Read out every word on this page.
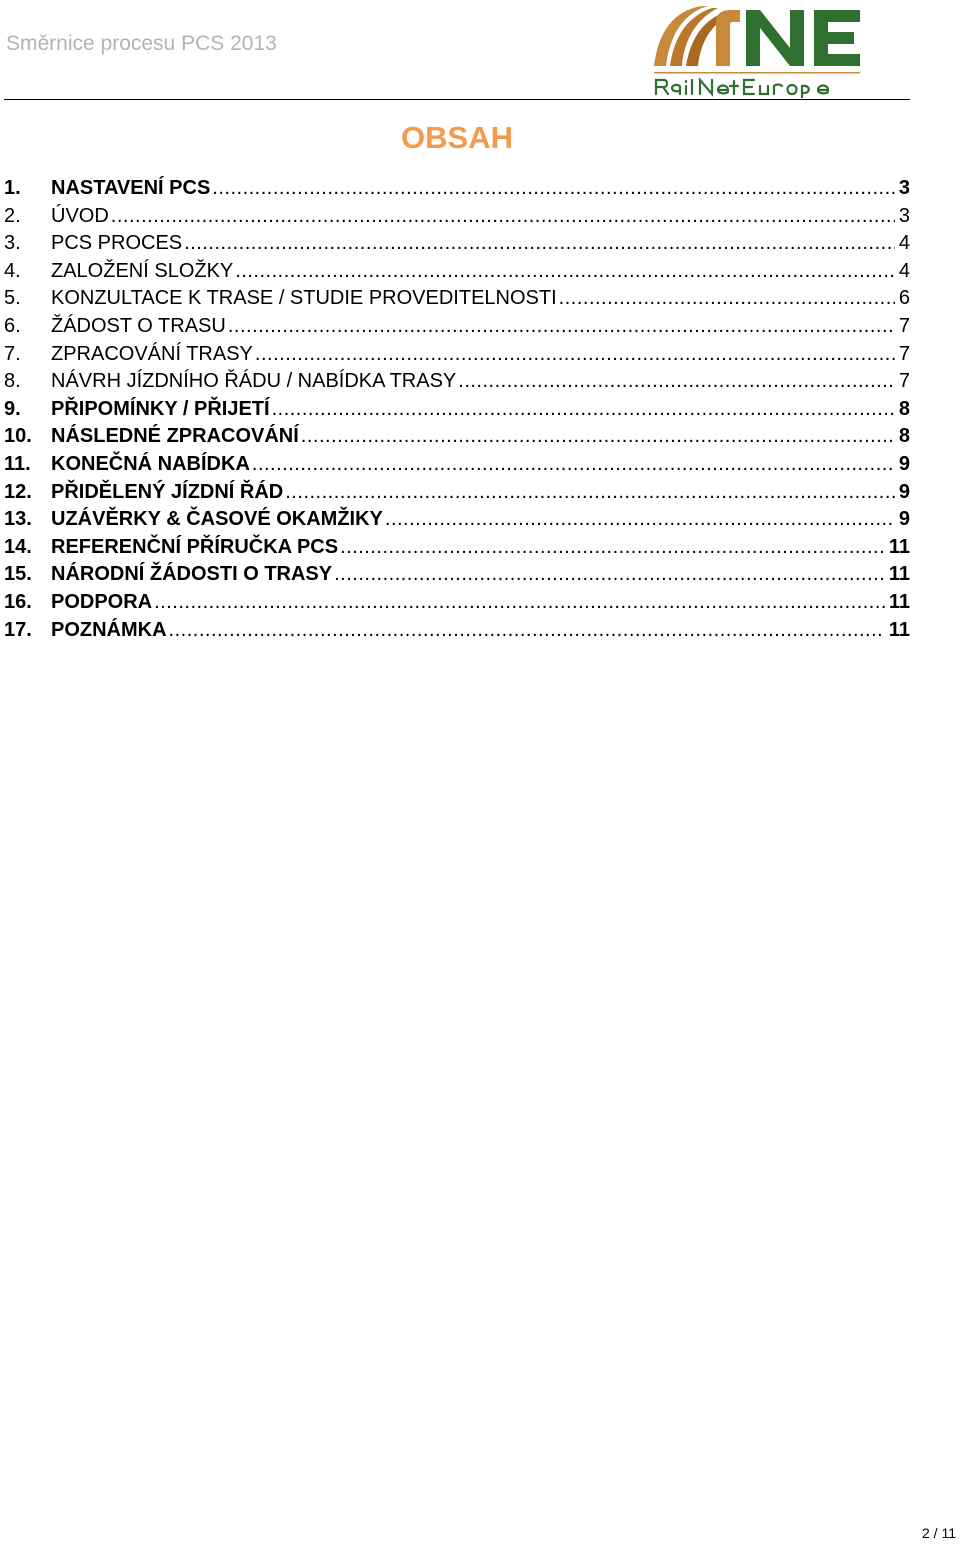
Směrnice procesu PCS 2013
OBSAH
1.	NASTAVENÍ PCS .....	3
2.	ÚVOD .....	3
3.	PCS PROCES .....	4
4.	ZALOŽENÍ SLOŽKY .....	4
5.	KONZULTACE K TRASE / STUDIE PROVEDITELNOSTI .....	6
6.	ŽÁDOST O TRASU .....	7
7.	ZPRACOVÁNÍ TRASY .....	7
8.	NÁVRH JÍZDNÍHO ŘÁDU / NABÍDKA TRASY .....	7
9.	PŘIPOMÍNKY / PŘIJETÍ .....	8
10. NÁSLEDNÉ ZPRACOVÁNÍ .....	8
11.	KONEČNÁ NABÍDKA .....	9
12. PŘIDĚLENÝ JÍZDNÍ ŘÁD .....	9
13. UZÁVĚRKY & ČASOVÉ OKAMŽIKY .....	9
14. REFERENČNÍ PŘÍRUČKA PCS .....	11
15. NÁRODNÍ ŽÁDOSTI O TRASY .....	11
16. PODPORA .....	11
17. POZNÁMKA .....	11
2 / 11
